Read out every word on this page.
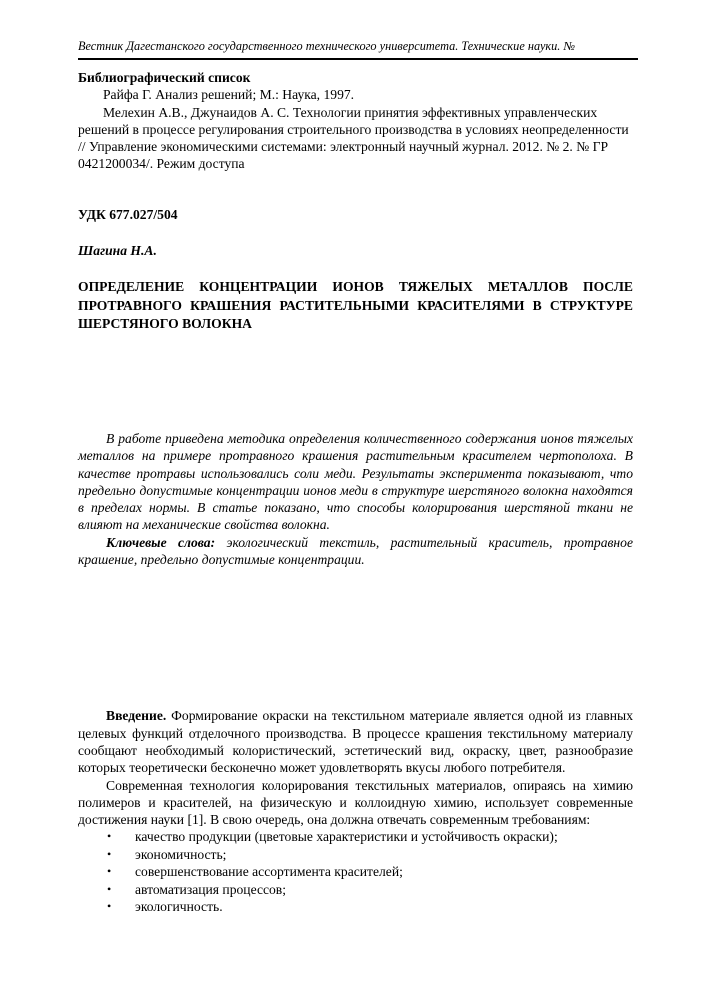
Вестник Дагестанского государственного технического университета. Технические науки. №
Библиографический список
Райфа Г. Анализ решений; М.: Наука, 1997.
Мелехин А.В., Джунаидов А. С. Технологии принятия эффективных управленческих решений в процессе регулирования строительного производства в условиях неопределенности // Управление экономическими системами: электронный научный журнал. 2012. № 2. № ГР 0421200034/. Режим доступа
УДК 677.027/504
Шагина Н.А.
ОПРЕДЕЛЕНИЕ КОНЦЕНТРАЦИИ ИОНОВ ТЯЖЕЛЫХ МЕТАЛЛОВ ПОСЛЕ ПРОТРАВНОГО КРАШЕНИЯ РАСТИТЕЛЬНЫМИ КРАСИТЕЛЯМИ В СТРУКТУРЕ ШЕРСТЯНОГО ВОЛОКНА
В работе приведена методика определения количественного содержания ионов тяжелых металлов на примере протравного крашения растительным красителем чертополоха. В качестве протравы использовались соли меди. Результаты эксперимента показывают, что предельно допустимые концентрации ионов меди в структуре шерстяного волокна находятся в пределах нормы. В статье показано, что способы колорирования шерстяной ткани не влияют на механические свойства волокна.
Ключевые слова: экологический текстиль, растительный краситель, протравное крашение, предельно допустимые концентрации.
Введение. Формирование окраски на текстильном материале является одной из главных целевых функций отделочного производства. В процессе крашения текстильному материалу сообщают необходимый колористический, эстетический вид, окраску, цвет, разнообразие которых теоретически бесконечно может удовлетворять вкусы любого потребителя.
Современная технология колорирования текстильных материалов, опираясь на химию полимеров и красителей, на физическую и коллоидную химию, использует современные достижения науки [1]. В свою очередь, она должна отвечать современным требованиям:
•	качество продукции (цветовые характеристики и устойчивость окраски);
•	экономичность;
•	совершенствование ассортимента красителей;
•	автоматизация процессов;
•	экологичность.
